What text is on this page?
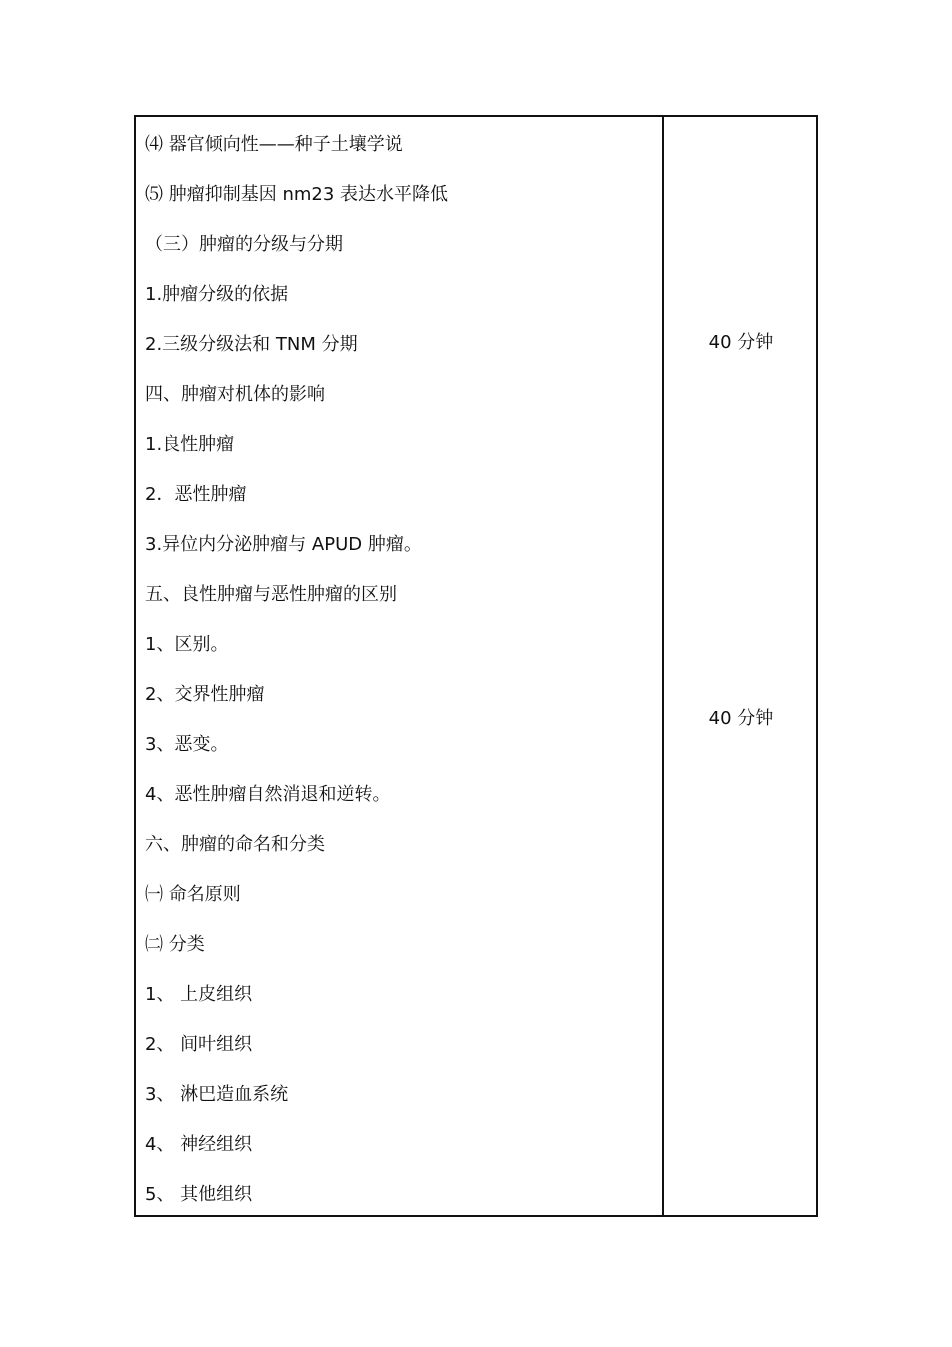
⑷ 器官倾向性——种子土壤学说
⑸ 肿瘤抑制基因 nm23 表达水平降低
（三）肿瘤的分级与分期
1.肿瘤分级的依据
2.三级分级法和 TNM 分期
四、肿瘤对机体的影响
1.良性肿瘤
2．恶性肿瘤
3.异位内分泌肿瘤与 APUD 肿瘤。
五、良性肿瘤与恶性肿瘤的区别
1、区别。
2、交界性肿瘤
3、恶变。
4、恶性肿瘤自然消退和逆转。
六、肿瘤的命名和分类
㈠ 命名原则
㈡ 分类
1、 上皮组织
2、 间叶组织
3、 淋巴造血系统
4、 神经组织
5、 其他组织
40 分钟
40 分钟
